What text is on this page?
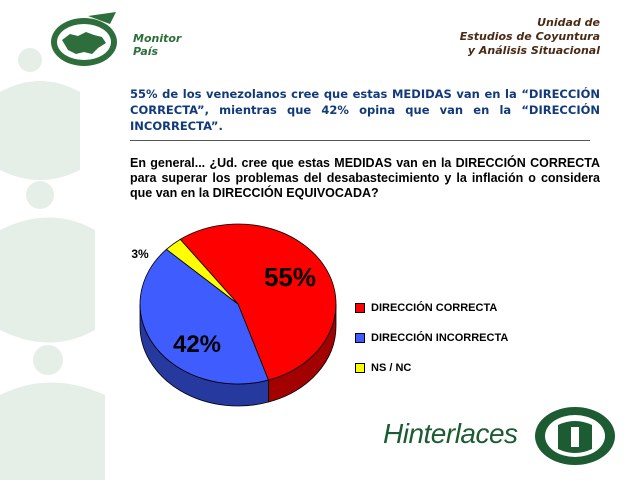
Monitor
País
Unidad de
Estudios de Coyuntura
y Análisis Situacional
55% de los venezolanos cree que estas MEDIDAS van en la “DIRECCIÓN CORRECTA”, mientras que 42% opina que van en la “DIRECCIÓN INCORRECTA”.
En general... ¿Ud. cree que estas MEDIDAS van en la DIRECCIÓN CORRECTA para superar los problemas del desabastecimiento y la inflación o considera que van en la DIRECCIÓN EQUIVOCADA?
55%
42%
3%
DIRECCIÓN CORRECTA
DIRECCIÓN INCORRECTA
NS / NC
Hinterlaces
